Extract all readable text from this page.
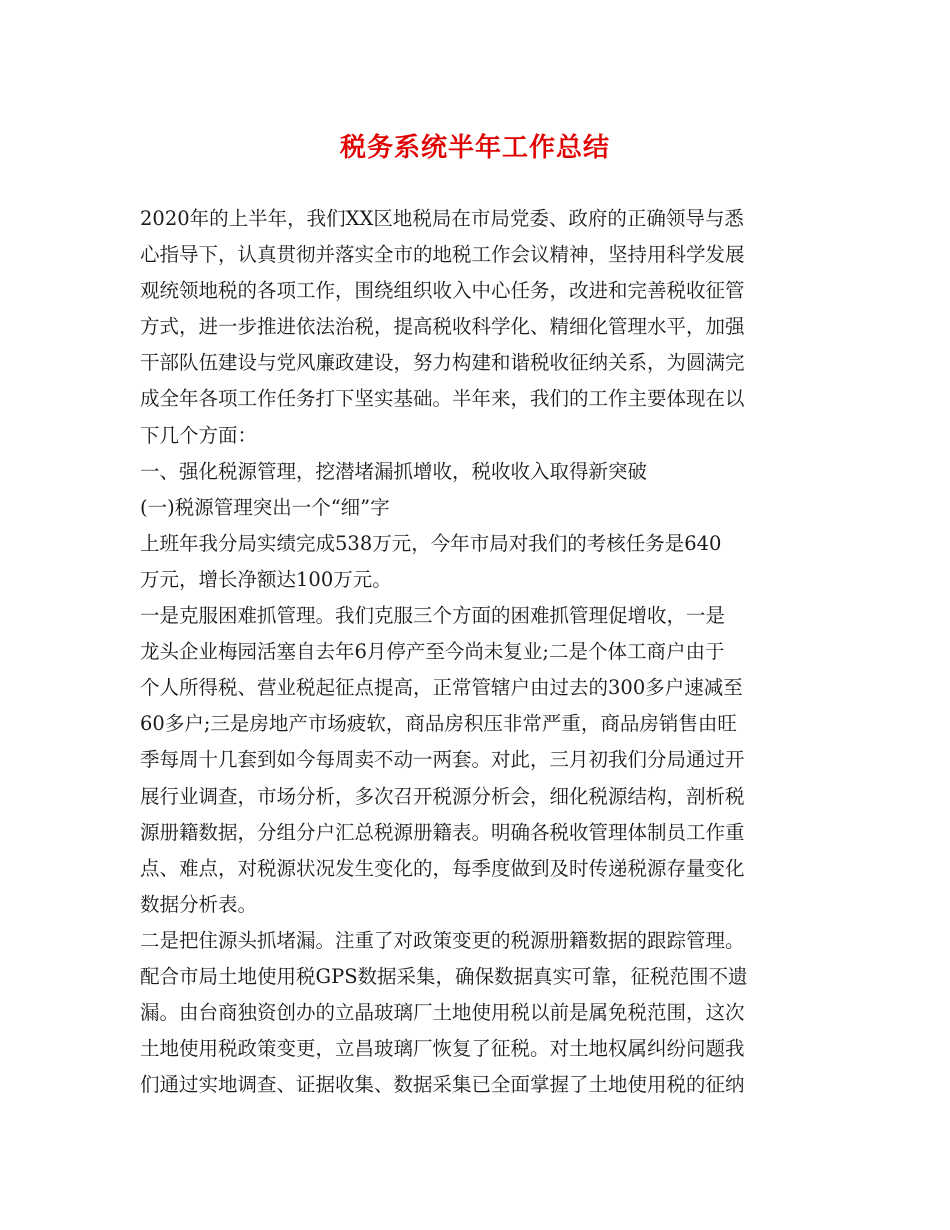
税务系统半年工作总结
2020年的上半年，我们XX区地税局在市局党委、政府的正确领导与悉
心指导下，认真贯彻并落实全市的地税工作会议精神，坚持用科学发展
观统领地税的各项工作，围绕组织收入中心任务，改进和完善税收征管
方式，进一步推进依法治税，提高税收科学化、精细化管理水平，加强
干部队伍建设与党风廉政建设，努力构建和谐税收征纳关系，为圆满完
成全年各项工作任务打下坚实基础。半年来，我们的工作主要体现在以
下几个方面：
一、强化税源管理，挖潜堵漏抓增收，税收收入取得新突破
(一)税源管理突出一个“细”字
上班年我分局实绩完成538万元，今年市局对我们的考核任务是640
万元，增长净额达100万元。
一是克服困难抓管理。我们克服三个方面的困难抓管理促增收，一是
龙头企业梅园活塞自去年6月停产至今尚未复业;二是个体工商户由于
个人所得税、营业税起征点提高，正常管辖户由过去的300多户速减至
60多户;三是房地产市场疲软，商品房积压非常严重，商品房销售由旺
季每周十几套到如今每周卖不动一两套。对此，三月初我们分局通过开
展行业调查，市场分析，多次召开税源分析会，细化税源结构，剖析税
源册籍数据，分组分户汇总税源册籍表。明确各税收管理体制员工作重
点、难点，对税源状况发生变化的，每季度做到及时传递税源存量变化
数据分析表。
二是把住源头抓堵漏。注重了对政策变更的税源册籍数据的跟踪管理。
配合市局土地使用税GPS数据采集，确保数据真实可靠，征税范围不遗
漏。由台商独资创办的立晶玻璃厂土地使用税以前是属免税范围，这次
土地使用税政策变更，立昌玻璃厂恢复了征税。对土地权属纠纷问题我
们通过实地调查、证据收集、数据采集已全面掌握了土地使用税的征纳
